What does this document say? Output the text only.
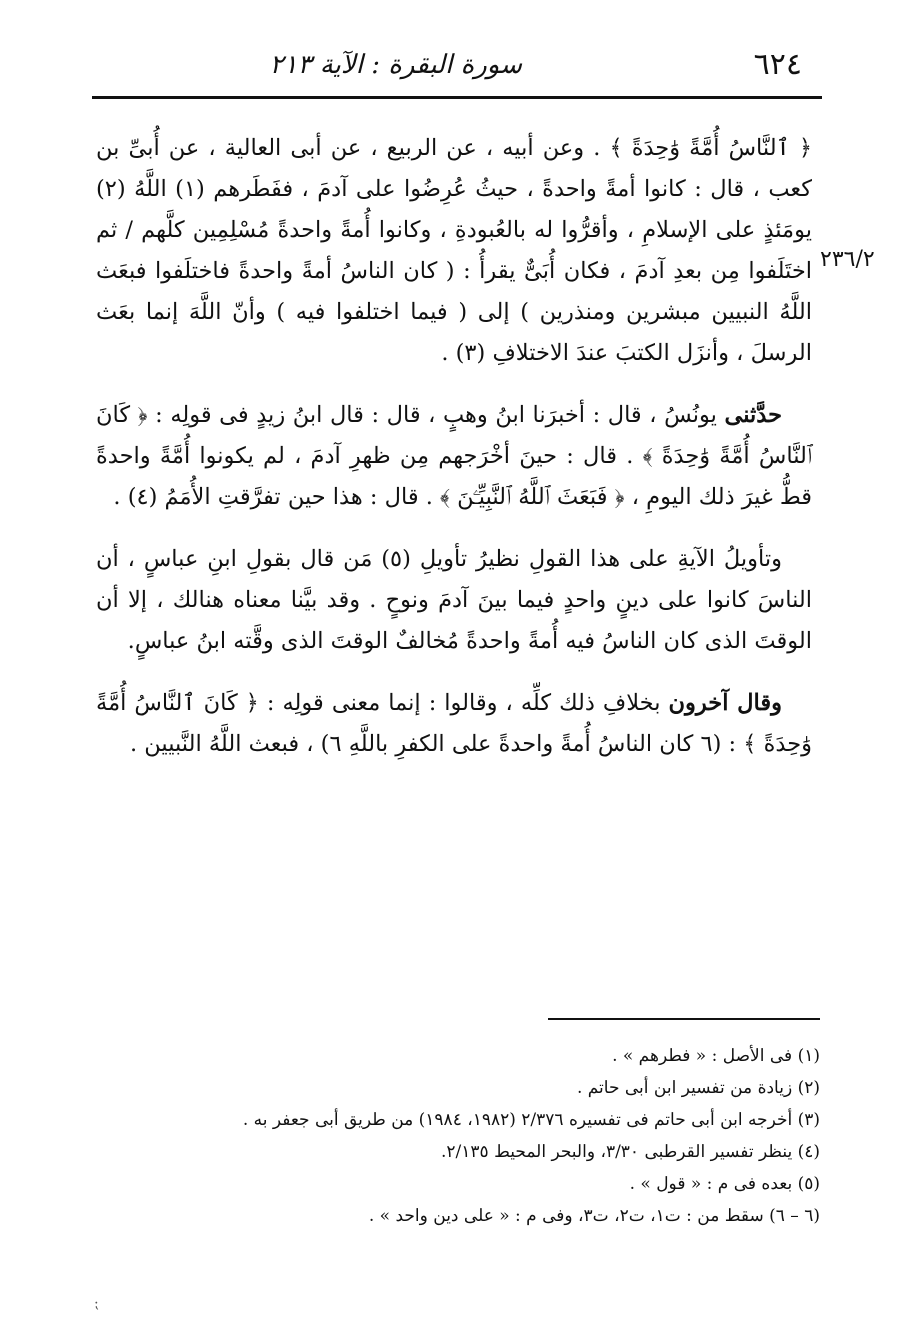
٦٢٤
سورة البقرة : الآية ٢١٣
٢٣٦/٢

﴿ ٱلنَّاسُ أُمَّةً وَٰحِدَةً ﴾ . وعن أبيه ، عن الربيع ، عن أبى العالية ، عن أُبىِّ بن كعب ، قال : كانوا أمةً واحدةً ، حيثُ عُرِضُوا على آدمَ ، ففَطَرهم (١) اللَّهُ (٢) يومَئذٍ على الإسلامِ ، وأقرُّوا له بالعُبودةِ ، وكانوا أُمةً واحدةً مُسْلِمِين كلَّهم / ثم اختَلَفوا مِن بعدِ آدمَ ، فكان أُبَىٌّ يقرأُ : ( كان الناسُ أمةً واحدةً فاختلَفوا فبعَث اللَّهُ النبيين مبشرين ومنذرين ) إلى ( فيما اختلفوا فيه ) وأنّ اللَّهَ إنما بعَث الرسلَ ، وأنزَل الكتبَ عندَ الاختلافِ (٣) .

حدَّثنى يونُسُ ، قال : أخبرَنا ابنُ وهبٍ ، قال : قال ابنُ زيدٍ فى قولِه : ﴿ كَانَ ٱلنَّاسُ أُمَّةً وَٰحِدَةً ﴾ . قال : حينَ أخْرَجهم مِن ظهرِ آدمَ ، لم يكونوا أُمَّةً واحدةً قطُّ غيرَ ذلك اليومِ ، ﴿ فَبَعَثَ ٱللَّهُ ٱلنَّبِيِّـۧنَ ﴾ . قال : هذا حين تفرَّقتِ الأُمَمُ (٤) .

وتأويلُ الآيةِ على هذا القولِ نظيرُ تأويلِ (٥) مَن قال بقولِ ابنِ عباسٍ ، أن الناسَ كانوا على دينٍ واحدٍ فيما بينَ آدمَ ونوحٍ . وقد بيَّنا معناه هنالك ، إلا أن الوقتَ الذى كان الناسُ فيه أُمةً واحدةً مُخالفٌ الوقتَ الذى وقَّته ابنُ عباسٍ.

وقال آخرون بخلافِ ذلك كلِّه ، وقالوا : إنما معنى قولِه : ﴿ كَانَ ٱلنَّاسُ أُمَّةً وَٰحِدَةً ﴾ : (٦ كان الناسُ أُمةً واحدةً على الكفرِ باللَّهِ ٦) ، فبعث اللَّهُ النَّبيين .

(١) فى الأصل : « فطرهم » .

(٢) زيادة من تفسير ابن أبى حاتم .

(٣) أخرجه ابن أبى حاتم فى تفسيره ٢/٣٧٦ (١٩٨٢، ١٩٨٤) من طريق أبى جعفر به .

(٤) ينظر تفسير القرطبى ٣/٣٠، والبحر المحيط ٢/١٣٥.

(٥) بعده فى م : « قول » .

(٦ – ٦) سقط من : ت١، ت٢، ت٣، وفى م : « على دين واحد » .

⁏
